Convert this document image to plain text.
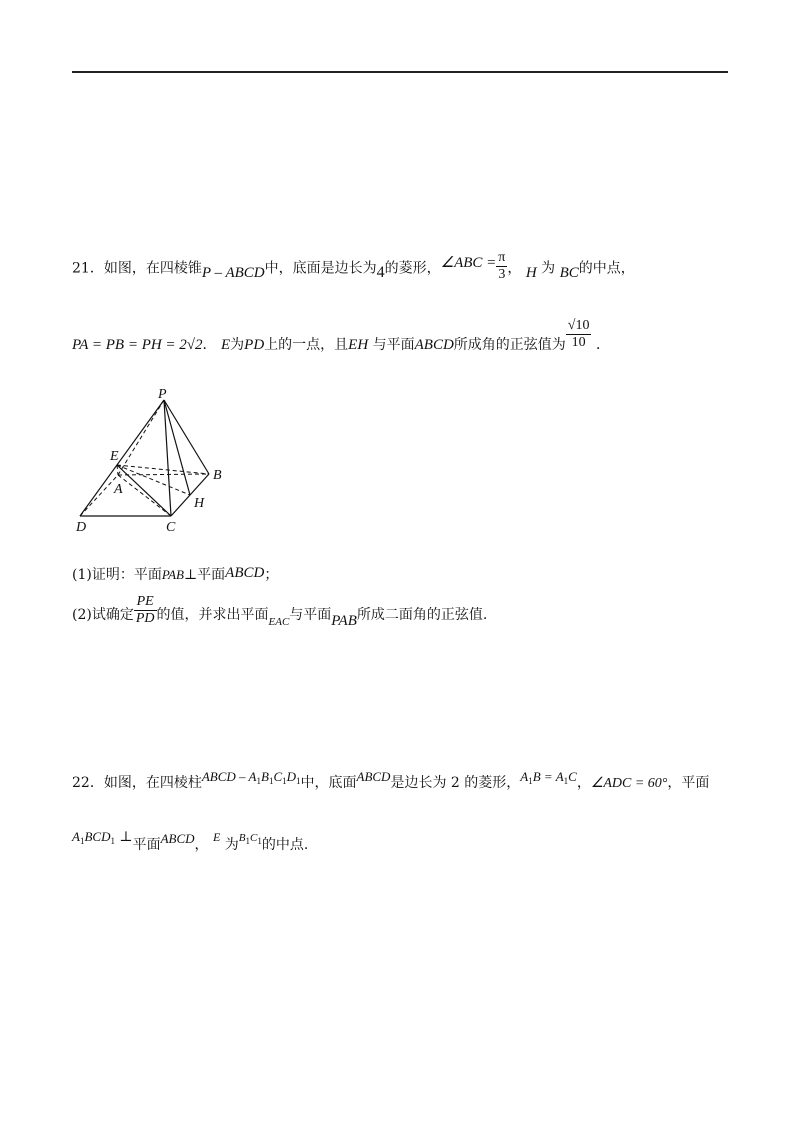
21．如图，在四棱锥P – ABCD中，底面是边长为4的菱形，∠ABC = $\frac{\pi}{3}$ ， H 为 BC的中点，
PA = PB = PH = 2√2． E为PD上的一点，且EH 与平面ABCD所成角的正弦值为 $\frac{√10}{10}$ ．
P
E
A
B
H
D	C
(1)证明：平面PAB⊥平面ABCD；
(2)试确定 $\frac{PE}{PD}$ 的值，并求出平面$_{EAC}$与平面PAB所成二面角的正弦值.
22．如图，在四棱柱ABCD – $A_1B_1C_1D_1$中，底面ABCD是边长为 2 的菱形，$A_1B = A_1C$，∠ADC = 60°，平面
$A_1BCD_1$ ⊥平面ABCD， E 为$B_1C_1$的中点.
